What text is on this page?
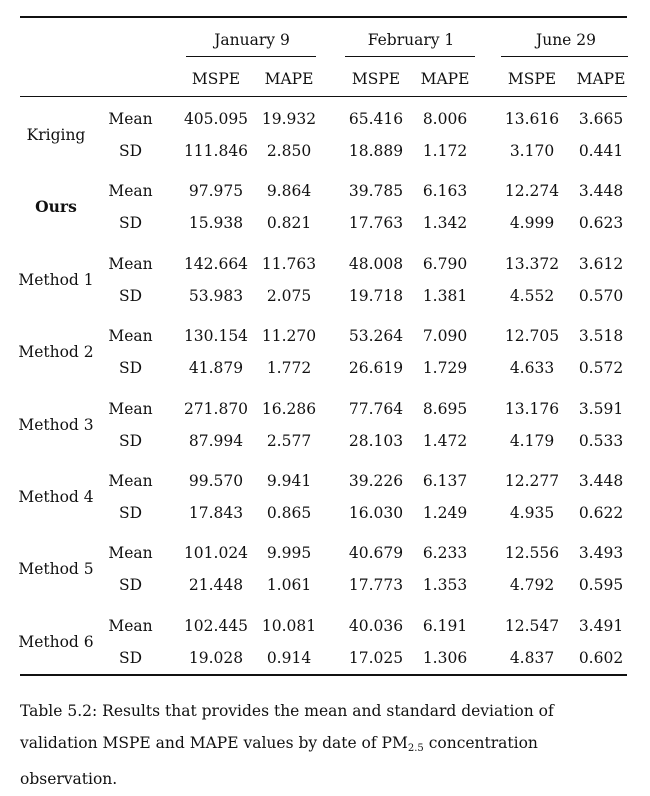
January 9	February 1	June 29
MSPE MAPE MSPE MAPE MSPE MAPE
Kriging
Mean 405.095 19.932 65.416 8.006 13.616 3.665
SD	111.846 2.850 18.889 1.172	3.170 0.441
Ours
Mean 97.975 9.864 39.785 6.163 12.274 3.448
SD	15.938 0.821 17.763 1.342	4.999 0.623
Method 1
Mean 142.664 11.763 48.008 6.790 13.372 3.612
SD	53.983 2.075 19.718 1.381	4.552 0.570
Method 2
Mean 130.154 11.270 53.264 7.090 12.705 3.518
SD	41.879 1.772 26.619 1.729	4.633 0.572
Method 3
Mean 271.870 16.286 77.764 8.695 13.176 3.591
SD	87.994 2.577 28.103 1.472	4.179 0.533
Method 4
Mean 99.570 9.941 39.226 6.137 12.277 3.448
SD	17.843 0.865 16.030 1.249	4.935 0.622
Method 5
Mean 101.024 9.995 40.679 6.233 12.556 3.493
SD	21.448 1.061 17.773 1.353	4.792 0.595
Method 6
Mean 102.445 10.081 40.036 6.191 12.547 3.491
SD	19.028 0.914 17.025 1.306	4.837 0.602
Table 5.2: Results that provides the mean and standard deviation of validation MSPE and MAPE values by date of $PM_{2.5}$ concentration observation.
